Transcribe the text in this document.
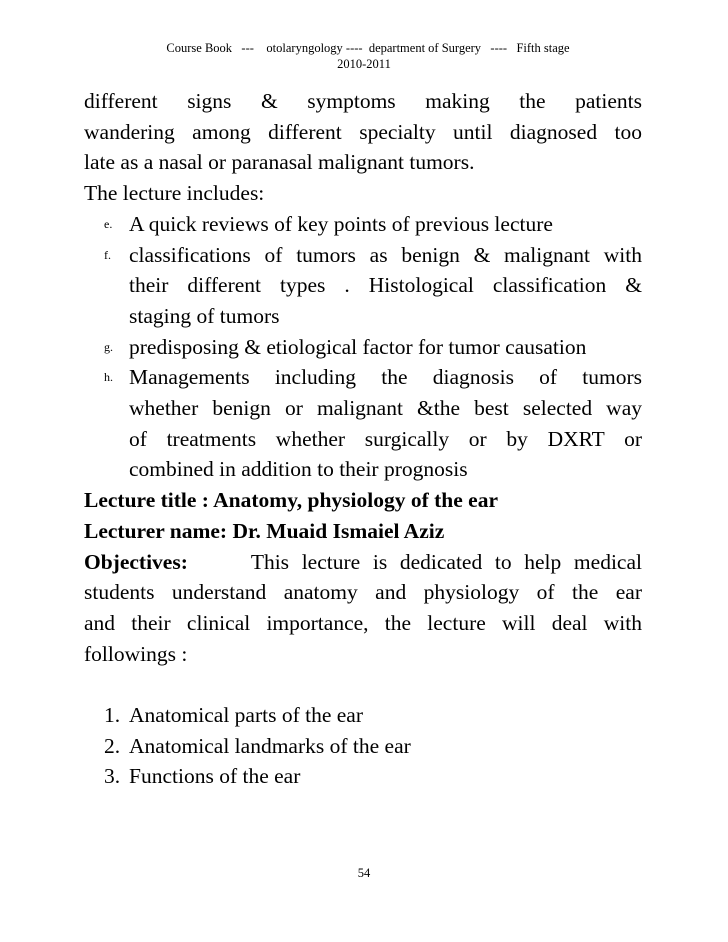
Course Book   ---    otolaryngology ----  department of Surgery   ----   Fifth stage
2010-2011
different signs & symptoms making the patients
wandering among different specialty until diagnosed too
late as a nasal or paranasal malignant tumors.
The lecture includes:
e. A quick reviews of key points of previous lecture
f. classifications of tumors as benign & malignant with
their different types . Histological classification &
staging of tumors
g. predisposing & etiological factor for tumor causation
h. Managements including the diagnosis of tumors
whether benign or malignant &the best selected way
of treatments whether surgically or by DXRT or
combined in addition to their prognosis
Lecture title : Anatomy, physiology of the ear
Lecturer name: Dr. Muaid Ismaiel Aziz
Objectives:	This lecture is dedicated to help medical
students understand anatomy and physiology of the ear
and their clinical importance, the lecture will deal with
followings :
1. Anatomical parts of the ear
2. Anatomical landmarks of the ear
3. Functions of the ear
54
